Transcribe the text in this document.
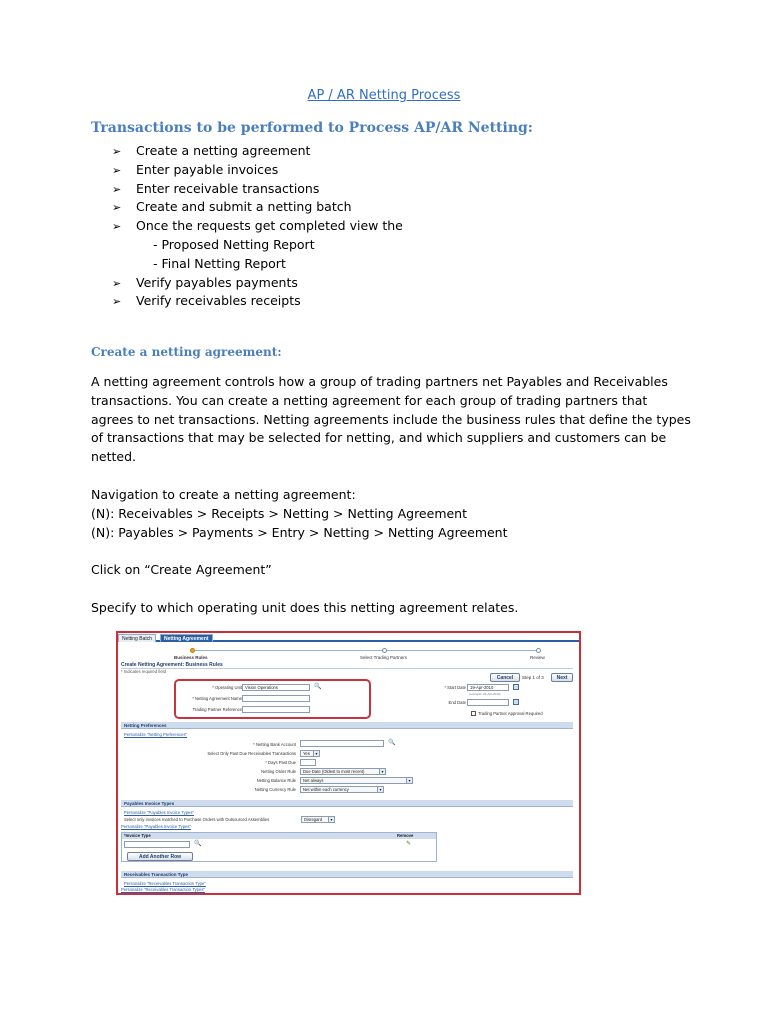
AP / AR Netting Process
Transactions to be performed to Process AP/AR Netting:
➢ Create a netting agreement
➢ Enter payable invoices
➢ Enter receivable transactions
➢ Create and submit a netting batch
➢ Once the requests get completed view the
- Proposed Netting Report
- Final Netting Report
➢ Verify payables payments
➢ Verify receivables receipts
Create a netting agreement:

A netting agreement controls how a group of trading partners net Payables and Receivables transactions. You can create a netting agreement for each group of trading partners that agrees to net transactions. Netting agreements include the business rules that define the types of transactions that may be selected for netting, and which suppliers and customers can be netted.

Navigation to create a netting agreement:
(N): Receivables > Receipts > Netting > Netting Agreement
(N): Payables > Payments > Entry > Netting > Netting Agreement

Click on “Create Agreement”

Specify to which operating unit does this netting agreement relates.

Netting Batch	Netting Agreement
Business Rules	Select Trading Partners	Review
Create Netting Agreement: Business Rules
* Indicates required field
Cancel	Step 1 of 3	Next
* Operating Unit Vision Operations	🔍
* Netting Agreement Name
Trading Partner Reference
* Start Date 19-Apr-2010
(example: 24-Apr-2010)
End Date
Trading Partner Approval Required
Netting Preferences
Personalize "Netting Preferences"
* Netting Bank Account	🔍
Select Only Past Due Receivables Transactions	Yes	▾
* Days Past Due
Netting Order Rule	Due Date (Oldest to most recent)	▾
Netting Balance Rule	Net always	▾
Netting Currency Rule	Net within each currency	▾
Payables Invoice Types
Personalize "Payables Invoice Types"
Select only invoices matched to Purchase Orders with Outsourced Assemblies	Disregard	▾
Personalize "Payables Invoice Types"
*Invoice Type	Remove
🔍	✎
Add Another Row
Receivables Transaction Type
Personalize "Receivables Transaction Type"
Personalize "Receivables Transaction Types"
